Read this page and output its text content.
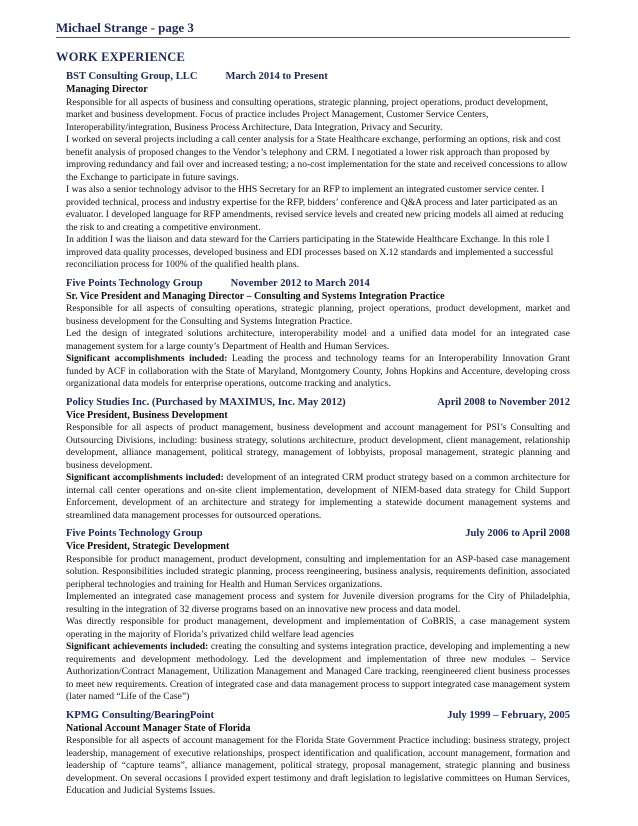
Michael Strange - page 3
WORK EXPERIENCE
BST Consulting Group, LLC	March 2014 to Present
Managing Director

Responsible for all aspects of business and consulting operations, strategic planning, project operations, product development, market and business development. Focus of practice includes Project Management, Customer Service Centers, Interoperability/integration, Business Process Architecture, Data Integration, Privacy and Security.

I worked on several projects including a call center analysis for a State Healthcare exchange, performing an options, risk and cost benefit analysis of proposed changes to the Vendor’s telephony and CRM. I negotiated a lower risk approach than proposed by improving redundancy and fail over and increased testing; a no-cost implementation for the state and received concessions to allow the Exchange to participate in future savings.

I was also a senior technology advisor to the HHS Secretary for an RFP to implement an integrated customer service center. I provided technical, process and industry expertise for the RFP, bidders’ conference and Q&A process and later participated as an evaluator. I developed language for RFP amendments, revised service levels and created new pricing models all aimed at reducing the risk to and creating a competitive environment.

In addition I was the liaison and data steward for the Carriers participating in the Statewide Healthcare Exchange. In this role I improved data quality processes, developed business and EDI processes based on X.12 standards and implemented a successful reconciliation process for 100% of the qualified health plans.

Five Points Technology Group	November 2012 to March 2014
Sr. Vice President and Managing Director – Consulting and Systems Integration Practice

Responsible for all aspects of consulting operations, strategic planning, project operations, product development, market and business development for the Consulting and Systems Integration Practice.

Led the design of integrated solutions architecture, interoperability model and a unified data model for an integrated case management system for a large county’s Department of Health and Human Services.

Significant accomplishments included: Leading the process and technology teams for an Interoperability Innovation Grant funded by ACF in collaboration with the State of Maryland, Montgomery County, Johns Hopkins and Accenture, developing cross organizational data models for enterprise operations, outcome tracking and analytics.

Policy Studies Inc. (Purchased by MAXIMUS, Inc. May 2012)	April 2008 to November 2012
Vice President, Business Development

Responsible for all aspects of product management, business development and account management for PSI’s Consulting and Outsourcing Divisions, including: business strategy, solutions architecture, product development, client management, relationship development, alliance management, political strategy, management of lobbyists, proposal management, strategic planning and business development.

Significant accomplishments included: development of an integrated CRM product strategy based on a common architecture for internal call center operations and on-site client implementation, development of NIEM-based data strategy for Child Support Enforcement, development of an architecture and strategy for implementing a statewide document management systems and streamlined data management processes for outsourced operations.

Five Points Technology Group	July 2006 to April 2008
Vice President, Strategic Development

Responsible for product management, product development, consulting and implementation for an ASP-based case management solution. Responsibilities included strategic planning, process reengineering, business analysis, requirements definition, associated peripheral technologies and training for Health and Human Services organizations.

Implemented an integrated case management process and system for Juvenile diversion programs for the City of Philadelphia, resulting in the integration of 32 diverse programs based on an innovative new process and data model.

Was directly responsible for product management, development and implementation of CoBRIS, a case management system operating in the majority of Florida’s privatized child welfare lead agencies

Significant achievements included: creating the consulting and systems integration practice, developing and implementing a new requirements and development methodology. Led the development and implementation of three new modules – Service Authorization/Contract Management, Utilization Management and Managed Care tracking, reengineered client business processes to meet new requirements. Creation of integrated case and data management process to support integrated case management system (later named “Life of the Case”)

KPMG Consulting/BearingPoint	July 1999 – February, 2005
National Account Manager State of Florida

Responsible for all aspects of account management for the Florida State Government Practice including: business strategy, project leadership, management of executive relationships, prospect identification and qualification, account management, formation and leadership of “capture teams”, alliance management, political strategy, proposal management, strategic planning and business development. On several occasions I provided expert testimony and draft legislation to legislative committees on Human Services, Education and Judicial Systems Issues.
